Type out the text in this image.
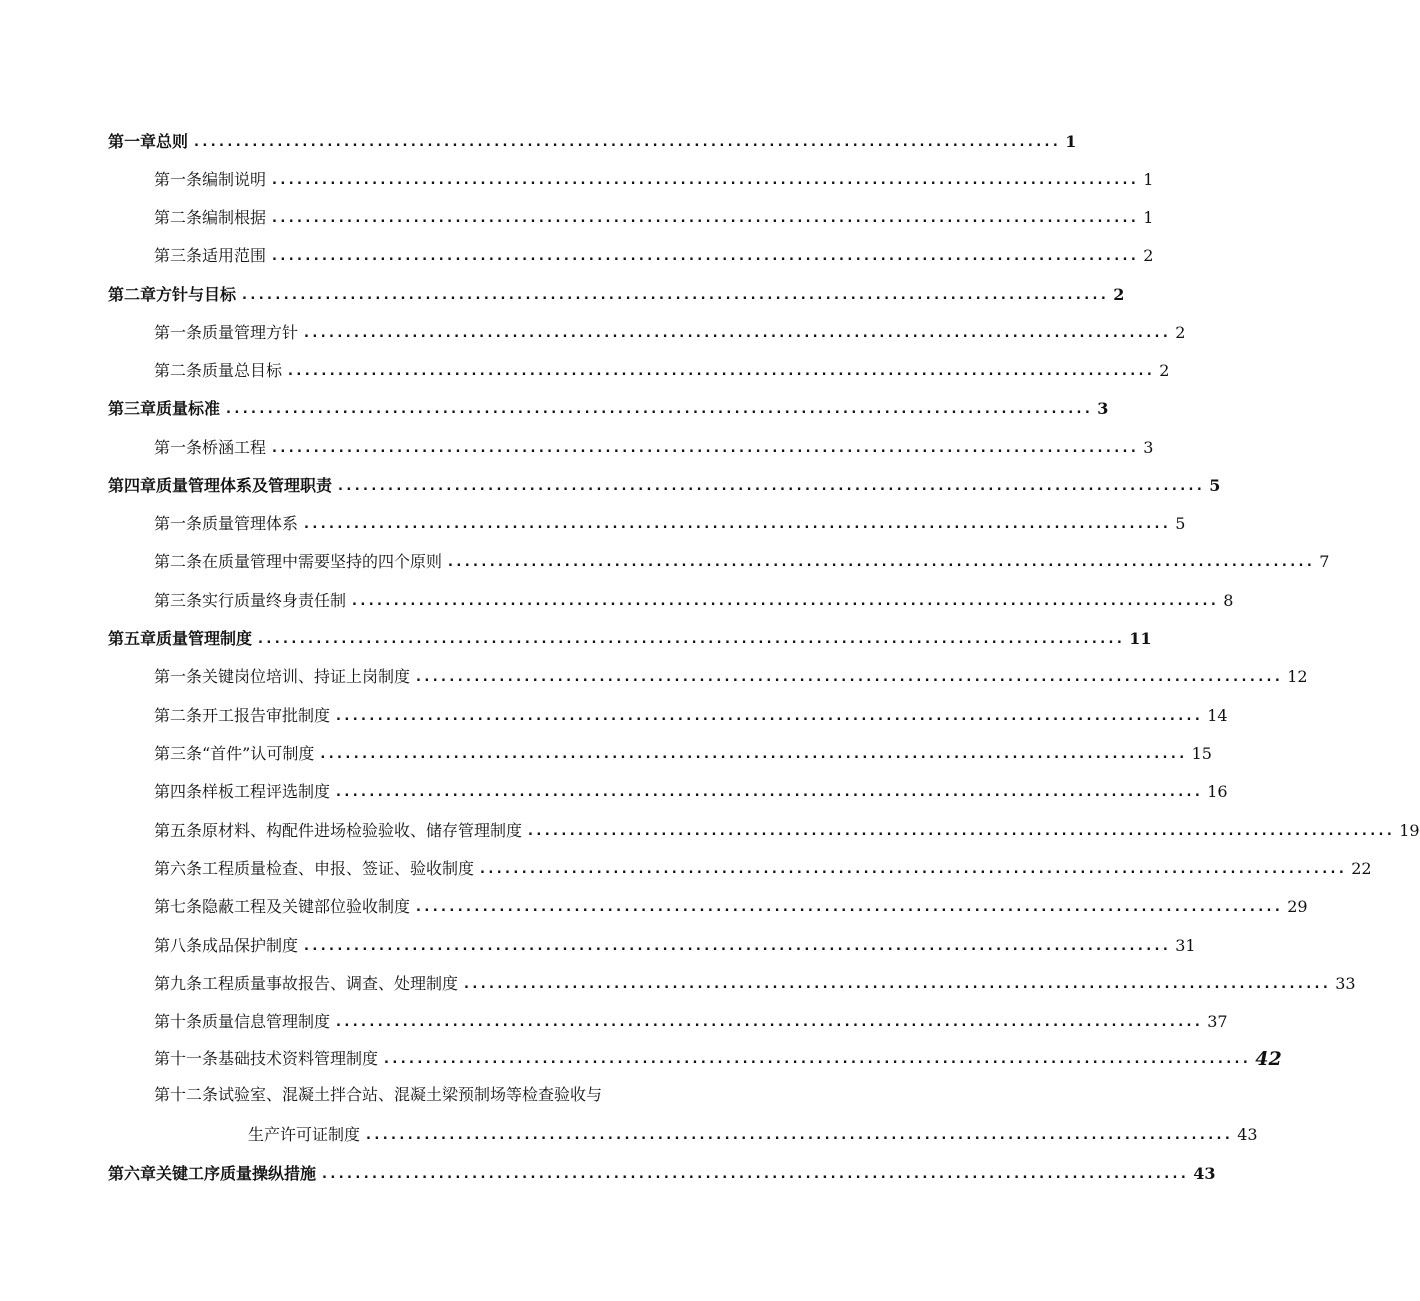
第一章总则 ........................................................................................................ 1
第一条编制说明 ........................................................................................................ 1
第二条编制根据 ........................................................................................................ 1
第三条适用范围 ........................................................................................................ 2
第二章方针与目标 ........................................................................................................ 2
第一条质量管理方针 ........................................................................................................ 2
第二条质量总目标 ........................................................................................................ 2
第三章质量标准 ........................................................................................................ 3
第一条桥涵工程 ........................................................................................................ 3
第四章质量管理体系及管理职责 ........................................................................................................ 5
第一条质量管理体系 ........................................................................................................ 5
第二条在质量管理中需要坚持的四个原则 ........................................................................................................ 7
第三条实行质量终身责任制 ........................................................................................................ 8
第五章质量管理制度 ........................................................................................................ 11
第一条关键岗位培训、持证上岗制度 ........................................................................................................ 12
第二条开工报告审批制度 ........................................................................................................ 14
第三条“首件”认可制度 ........................................................................................................ 15
第四条样板工程评选制度 ........................................................................................................ 16
第五条原材料、构配件进场检验验收、储存管理制度 ........................................................................................................ 19
第六条工程质量检查、申报、签证、验收制度 ........................................................................................................ 22
第七条隐蔽工程及关键部位验收制度 ........................................................................................................ 29
第八条成品保护制度 ........................................................................................................ 31
第九条工程质量事故报告、调查、处理制度 ........................................................................................................ 33
第十条质量信息管理制度 ........................................................................................................ 37
第十一条基础技术资料管理制度 ........................................................................................................ 42
第十二条试验室、混凝土拌合站、混凝土梁预制场等检查验收与
生产许可证制度 ........................................................................................................ 43
第六章关键工序质量操纵措施 ........................................................................................................ 43
